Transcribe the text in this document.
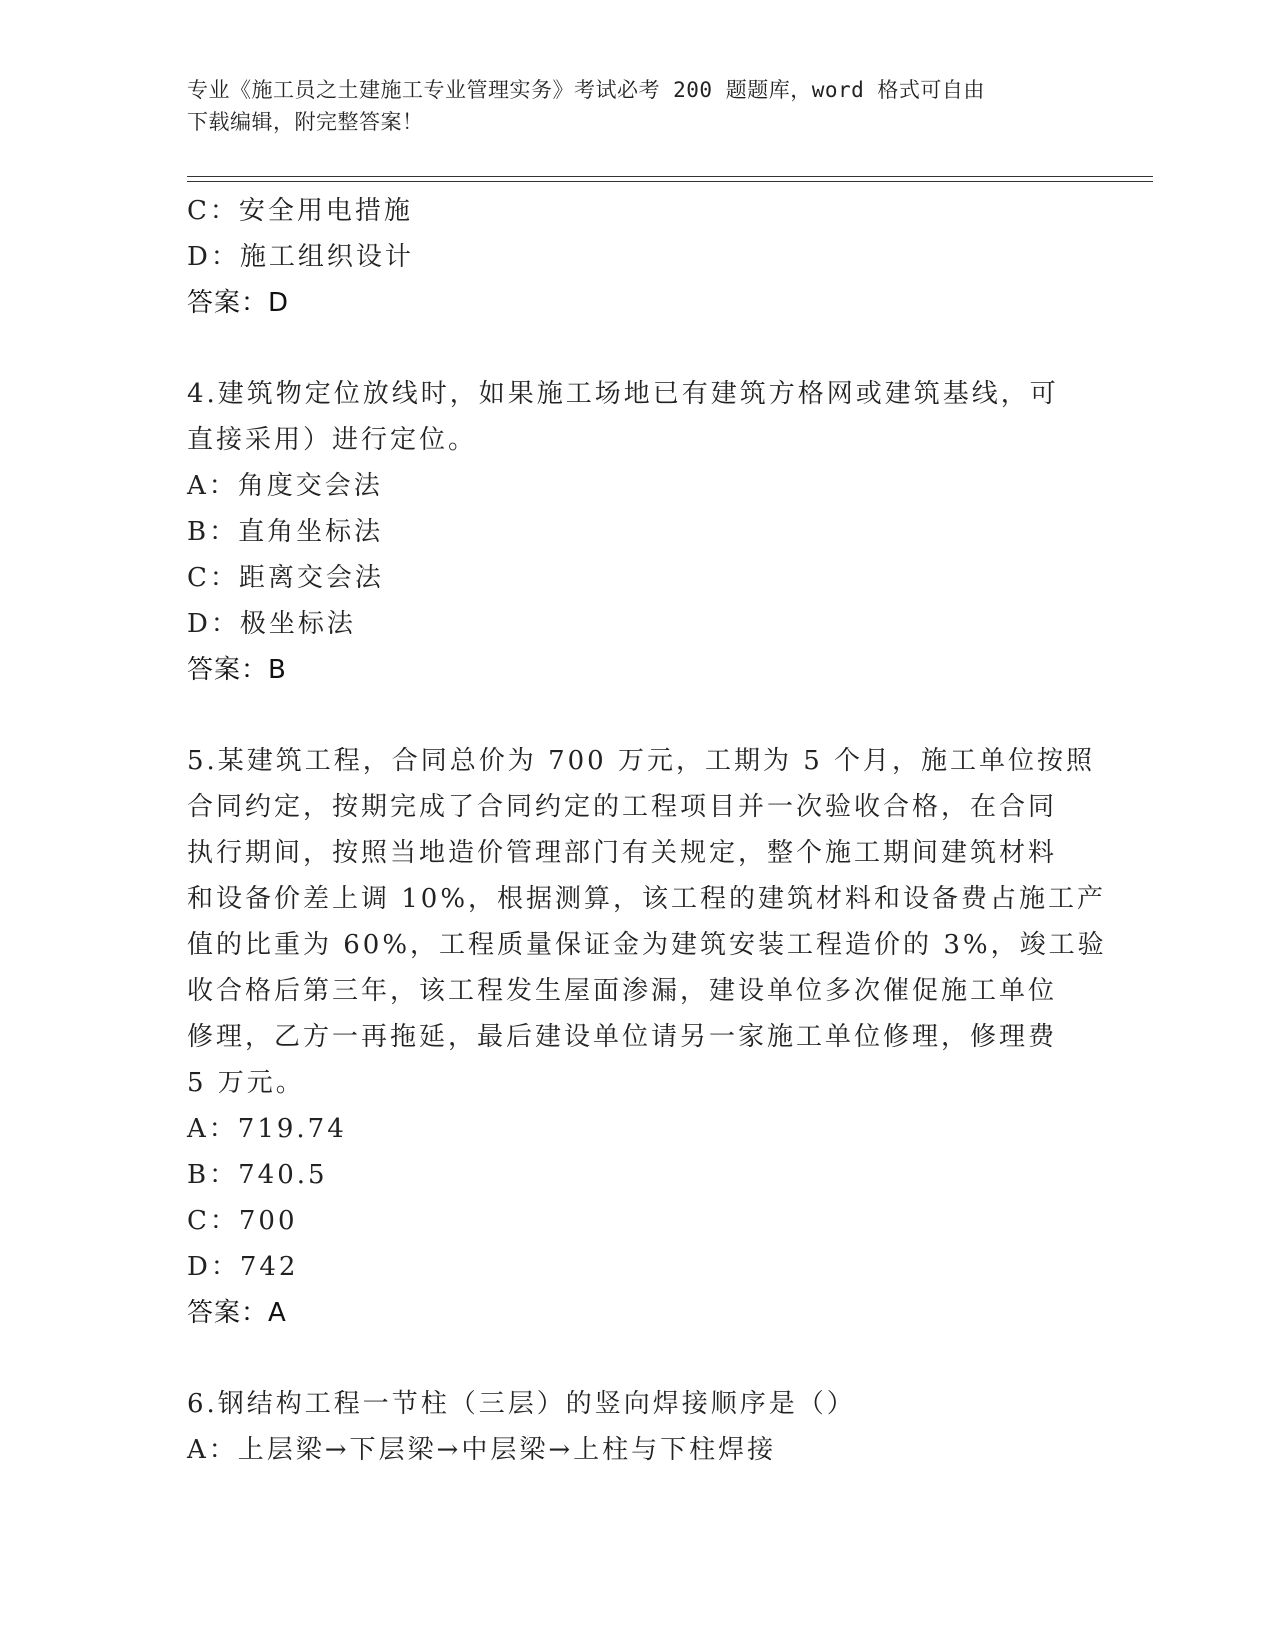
专业《施工员之土建施工专业管理实务》考试必考 200 题题库，word 格式可自由
下载编辑，附完整答案！
C：安全用电措施
D：施工组织设计
答案：D
4.建筑物定位放线时，如果施工场地已有建筑方格网或建筑基线，可
直接采用）进行定位。
A：角度交会法
B：直角坐标法
C：距离交会法
D：极坐标法
答案：B
5.某建筑工程，合同总价为 700 万元，工期为 5 个月，施工单位按照
合同约定，按期完成了合同约定的工程项目并一次验收合格，在合同
执行期间，按照当地造价管理部门有关规定，整个施工期间建筑材料
和设备价差上调 10%，根据测算，该工程的建筑材料和设备费占施工产
值的比重为 60%，工程质量保证金为建筑安装工程造价的 3%，竣工验
收合格后第三年，该工程发生屋面渗漏，建设单位多次催促施工单位
修理，乙方一再拖延，最后建设单位请另一家施工单位修理，修理费
5 万元。
A：719.74
B：740.5
C：700
D：742
答案：A
6.钢结构工程一节柱（三层）的竖向焊接顺序是（）
A：上层梁→下层梁→中层梁→上柱与下柱焊接
